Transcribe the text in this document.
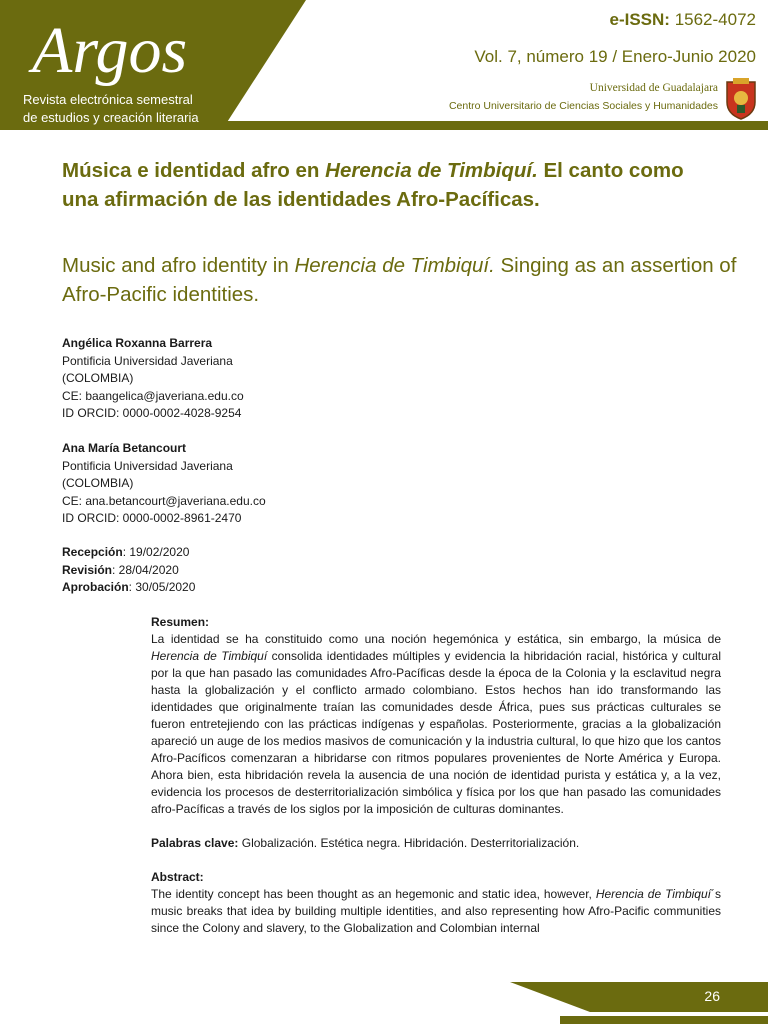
Argos
Revista electrónica semestral
de estudios y creación literaria
e-ISSN: 1562-4072
Vol. 7, número 19 / Enero-Junio 2020
Universidad de Guadalajara
Centro Universitario de Ciencias Sociales y Humanidades
Música e identidad afro en Herencia de Timbiquí. El canto como una afirmación de las identidades Afro-Pacíficas.
Music and afro identity in Herencia de Timbiquí. Singing as an assertion of Afro-Pacific identities.
Angélica Roxanna Barrera
Pontificia Universidad Javeriana
(COLOMBIA)
CE: baangelica@javeriana.edu.co
ID ORCID: 0000-0002-4028-9254
Ana María Betancourt
Pontificia Universidad Javeriana
(COLOMBIA)
CE: ana.betancourt@javeriana.edu.co
ID ORCID: 0000-0002-8961-2470
Recepción: 19/02/2020
Revisión: 28/04/2020
Aprobación: 30/05/2020
Resumen:

La identidad se ha constituido como una noción hegemónica y estática, sin embargo, la música de Herencia de Timbiquí consolida identidades múltiples y evidencia la hibridación racial, histórica y cultural por la que han pasado las comunidades Afro-Pacíficas desde la época de la Colonia y la esclavitud negra hasta la globalización y el conflicto armado colombiano. Estos hechos han ido transformando las identidades que originalmente traían las comunidades desde África, pues sus prácticas culturales se fueron entretejiendo con las prácticas indígenas y españolas. Posteriormente, gracias a la globalización apareció un auge de los medios masivos de comunicación y la industria cultural, lo que hizo que los cantos Afro-Pacíficos comenzaran a hibridarse con ritmos populares provenientes de Norte América y Europa. Ahora bien, esta hibridación revela la ausencia de una noción de identidad purista y estática y, a la vez, evidencia los procesos de desterritorialización simbólica y física por los que han pasado las comunidades afro-Pacíficas a través de los siglos por la imposición de culturas dominantes.

Palabras clave: Globalización. Estética negra. Hibridación. Desterritorialización.
Abstract:

The identity concept has been thought as an hegemonic and static idea, however, Herencia de Timbiquí´s music breaks that idea by building multiple identities, and also representing how Afro-Pacific communities since the Colony and slavery, to the Globalization and Colombian internal

26
